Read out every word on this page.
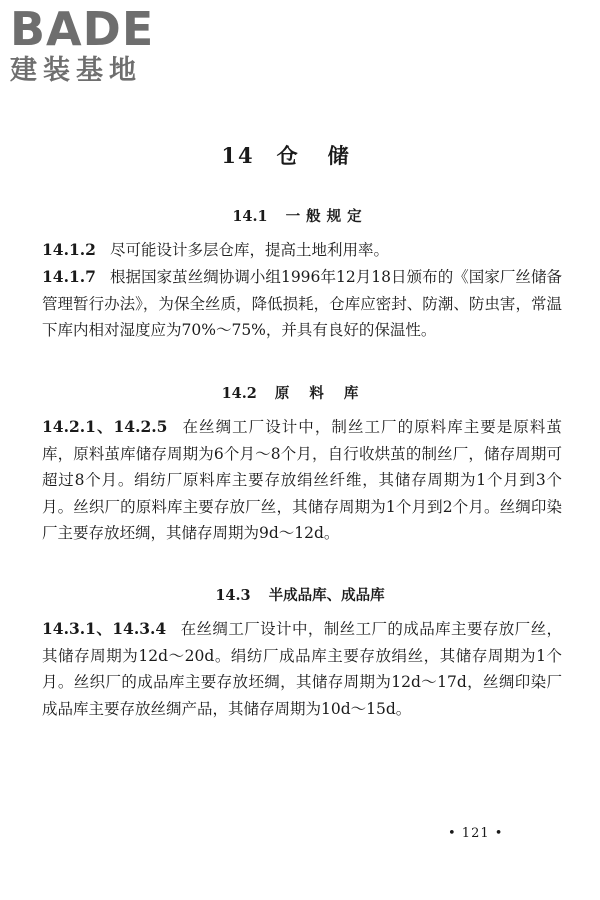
BADE
建装基地
14 仓储
14.1 一般规定
14.1.2 尽可能设计多层仓库，提高土地利用率。
14.1.7 根据国家茧丝绸协调小组1996年12月18日颁布的《国家厂丝储备管理暂行办法》，为保全丝质，降低损耗，仓库应密封、防潮、防虫害，常温下库内相对湿度应为70%～75%，并具有良好的保温性。
14.2 原料库
14.2.1、14.2.5 在丝绸工厂设计中，制丝工厂的原料库主要是原料茧库，原料茧库储存周期为6个月～8个月，自行收烘茧的制丝厂，储存周期可超过8个月。绢纺厂原料库主要存放绢丝纤维，其储存周期为1个月到3个月。丝织厂的原料库主要存放厂丝，其储存周期为1个月到2个月。丝绸印染厂主要存放坯绸，其储存周期为9d～12d。
14.3 半成品库、成品库
14.3.1、14.3.4 在丝绸工厂设计中，制丝工厂的成品库主要存放厂丝，其储存周期为12d～20d。绢纺厂成品库主要存放绢丝，其储存周期为1个月。丝织厂的成品库主要存放坯绸，其储存周期为12d～17d，丝绸印染厂成品库主要存放丝绸产品，其储存周期为10d～15d。
• 121 •
